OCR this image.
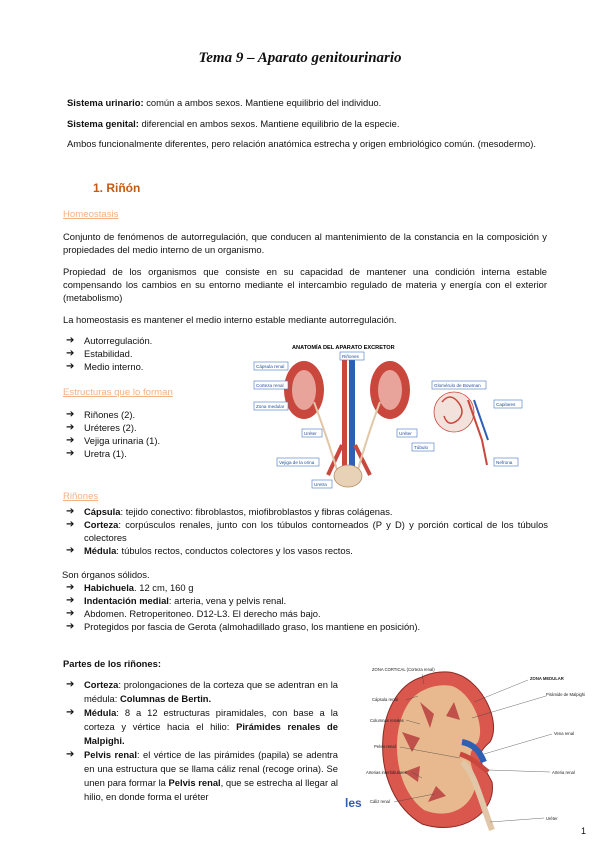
Tema 9 – Aparato genitourinario
Sistema urinario: común a ambos sexos. Mantiene equilibrio del individuo.
Sistema genital: diferencial en ambos sexos. Mantiene equilibrio de la especie.
Ambos funcionalmente diferentes, pero relación anatómica estrecha y origen embriológico común. (mesodermo).
1. Riñón
Homeostasis
Conjunto de fenómenos de autorregulación, que conducen al mantenimiento de la constancia en la composición y propiedades del medio interno de un organismo.
Propiedad de los organismos que consiste en su capacidad de mantener una condición interna estable compensando los cambios en su entorno mediante el intercambio regulado de materia y energía con el exterior (metabolismo)
La homeostasis es mantener el medio interno estable mediante autorregulación.
➔ Autorregulación.
➔ Estabilidad.
➔ Medio interno.
Estructuras que lo forman
➔ Riñones (2).
➔ Uréteres (2).
➔ Vejiga urinaria (1).
➔ Uretra (1).
ANATOMÍA DEL APARATO EXCRETOR
Riñones
Cápsula renal
Corteza renal
Zona medular
Uréter
Vejiga de la orina
Uretra
Uréter
Glomérulo de Bowman
Capilares
Nefrona
Túbulo
Riñones
➔ Cápsula: tejido conectivo: fibroblastos, miofibroblastos y fibras colágenas.
➔ Corteza: corpúsculos renales, junto con los túbulos contorneados (P y D) y porción cortical de los túbulos colectores
➔ Médula: túbulos rectos, conductos colectores y los vasos rectos.
Son órganos sólidos.
➔ Habichuela. 12 cm, 160 g
➔ Indentación medial: arteria, vena y pelvis renal.
➔ Abdomen. Retroperitoneo. D12-L3. El derecho más bajo.
➔ Protegidos por fascia de Gerota (almohadillado graso, los mantiene en posición).
Partes de los riñones:
➔ Corteza: prolongaciones de la corteza que se adentran en la médula: Columnas de Bertin.
➔ Médula: 8 a 12 estructuras piramidales, con base a la corteza y vértice hacia el hilio: Pirámides renales de Malpighi.
➔ Pelvis renal: el vértice de las pirámides (papila) se adentra en una estructura que se llama cáliz renal (recoge orina). Se unen para formar la Pelvis renal, que se estrecha al llegar al hilio, en donde forma el uréter	les
ZONA CORTICAL (Corteza renal)
ZONA MEDULAR
Pirámide de Malpighi
Cápsula renal
Columnas renales
Vena renal
Pelvis renal
Arteria renal
Arterias interlobulares
Cáliz renal
Uréter
1
